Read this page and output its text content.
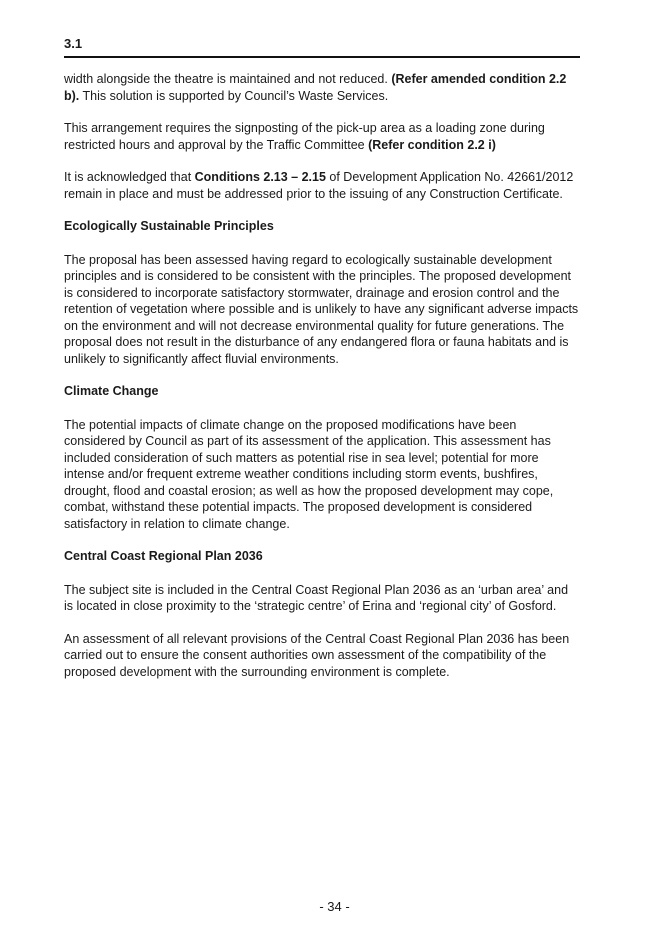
3.1

width alongside the theatre is maintained and not reduced. (Refer amended condition 2.2 b). This solution is supported by Council’s Waste Services.

This arrangement requires the signposting of the pick-up area as a loading zone during restricted hours and approval by the Traffic Committee (Refer condition 2.2 i)

It is acknowledged that Conditions 2.13 – 2.15 of Development Application No. 42661/2012 remain in place and must be addressed prior to the issuing of any Construction Certificate.

Ecologically Sustainable Principles

The proposal has been assessed having regard to ecologically sustainable development principles and is considered to be consistent with the principles. The proposed development is considered to incorporate satisfactory stormwater, drainage and erosion control and the retention of vegetation where possible and is unlikely to have any significant adverse impacts on the environment and will not decrease environmental quality for future generations. The proposal does not result in the disturbance of any endangered flora or fauna habitats and is unlikely to significantly affect fluvial environments.

Climate Change

The potential impacts of climate change on the proposed modifications have been considered by Council as part of its assessment of the application. This assessment has included consideration of such matters as potential rise in sea level; potential for more intense and/or frequent extreme weather conditions including storm events, bushfires, drought, flood and coastal erosion; as well as how the proposed development may cope, combat, withstand these potential impacts. The proposed development is considered satisfactory in relation to climate change.

Central Coast Regional Plan 2036

The subject site is included in the Central Coast Regional Plan 2036 as an ‘urban area’ and is located in close proximity to the ‘strategic centre’ of Erina and ‘regional city’ of Gosford.

An assessment of all relevant provisions of the Central Coast Regional Plan 2036 has been carried out to ensure the consent authorities own assessment of the compatibility of the proposed development with the surrounding environment is complete.

- 34 -
